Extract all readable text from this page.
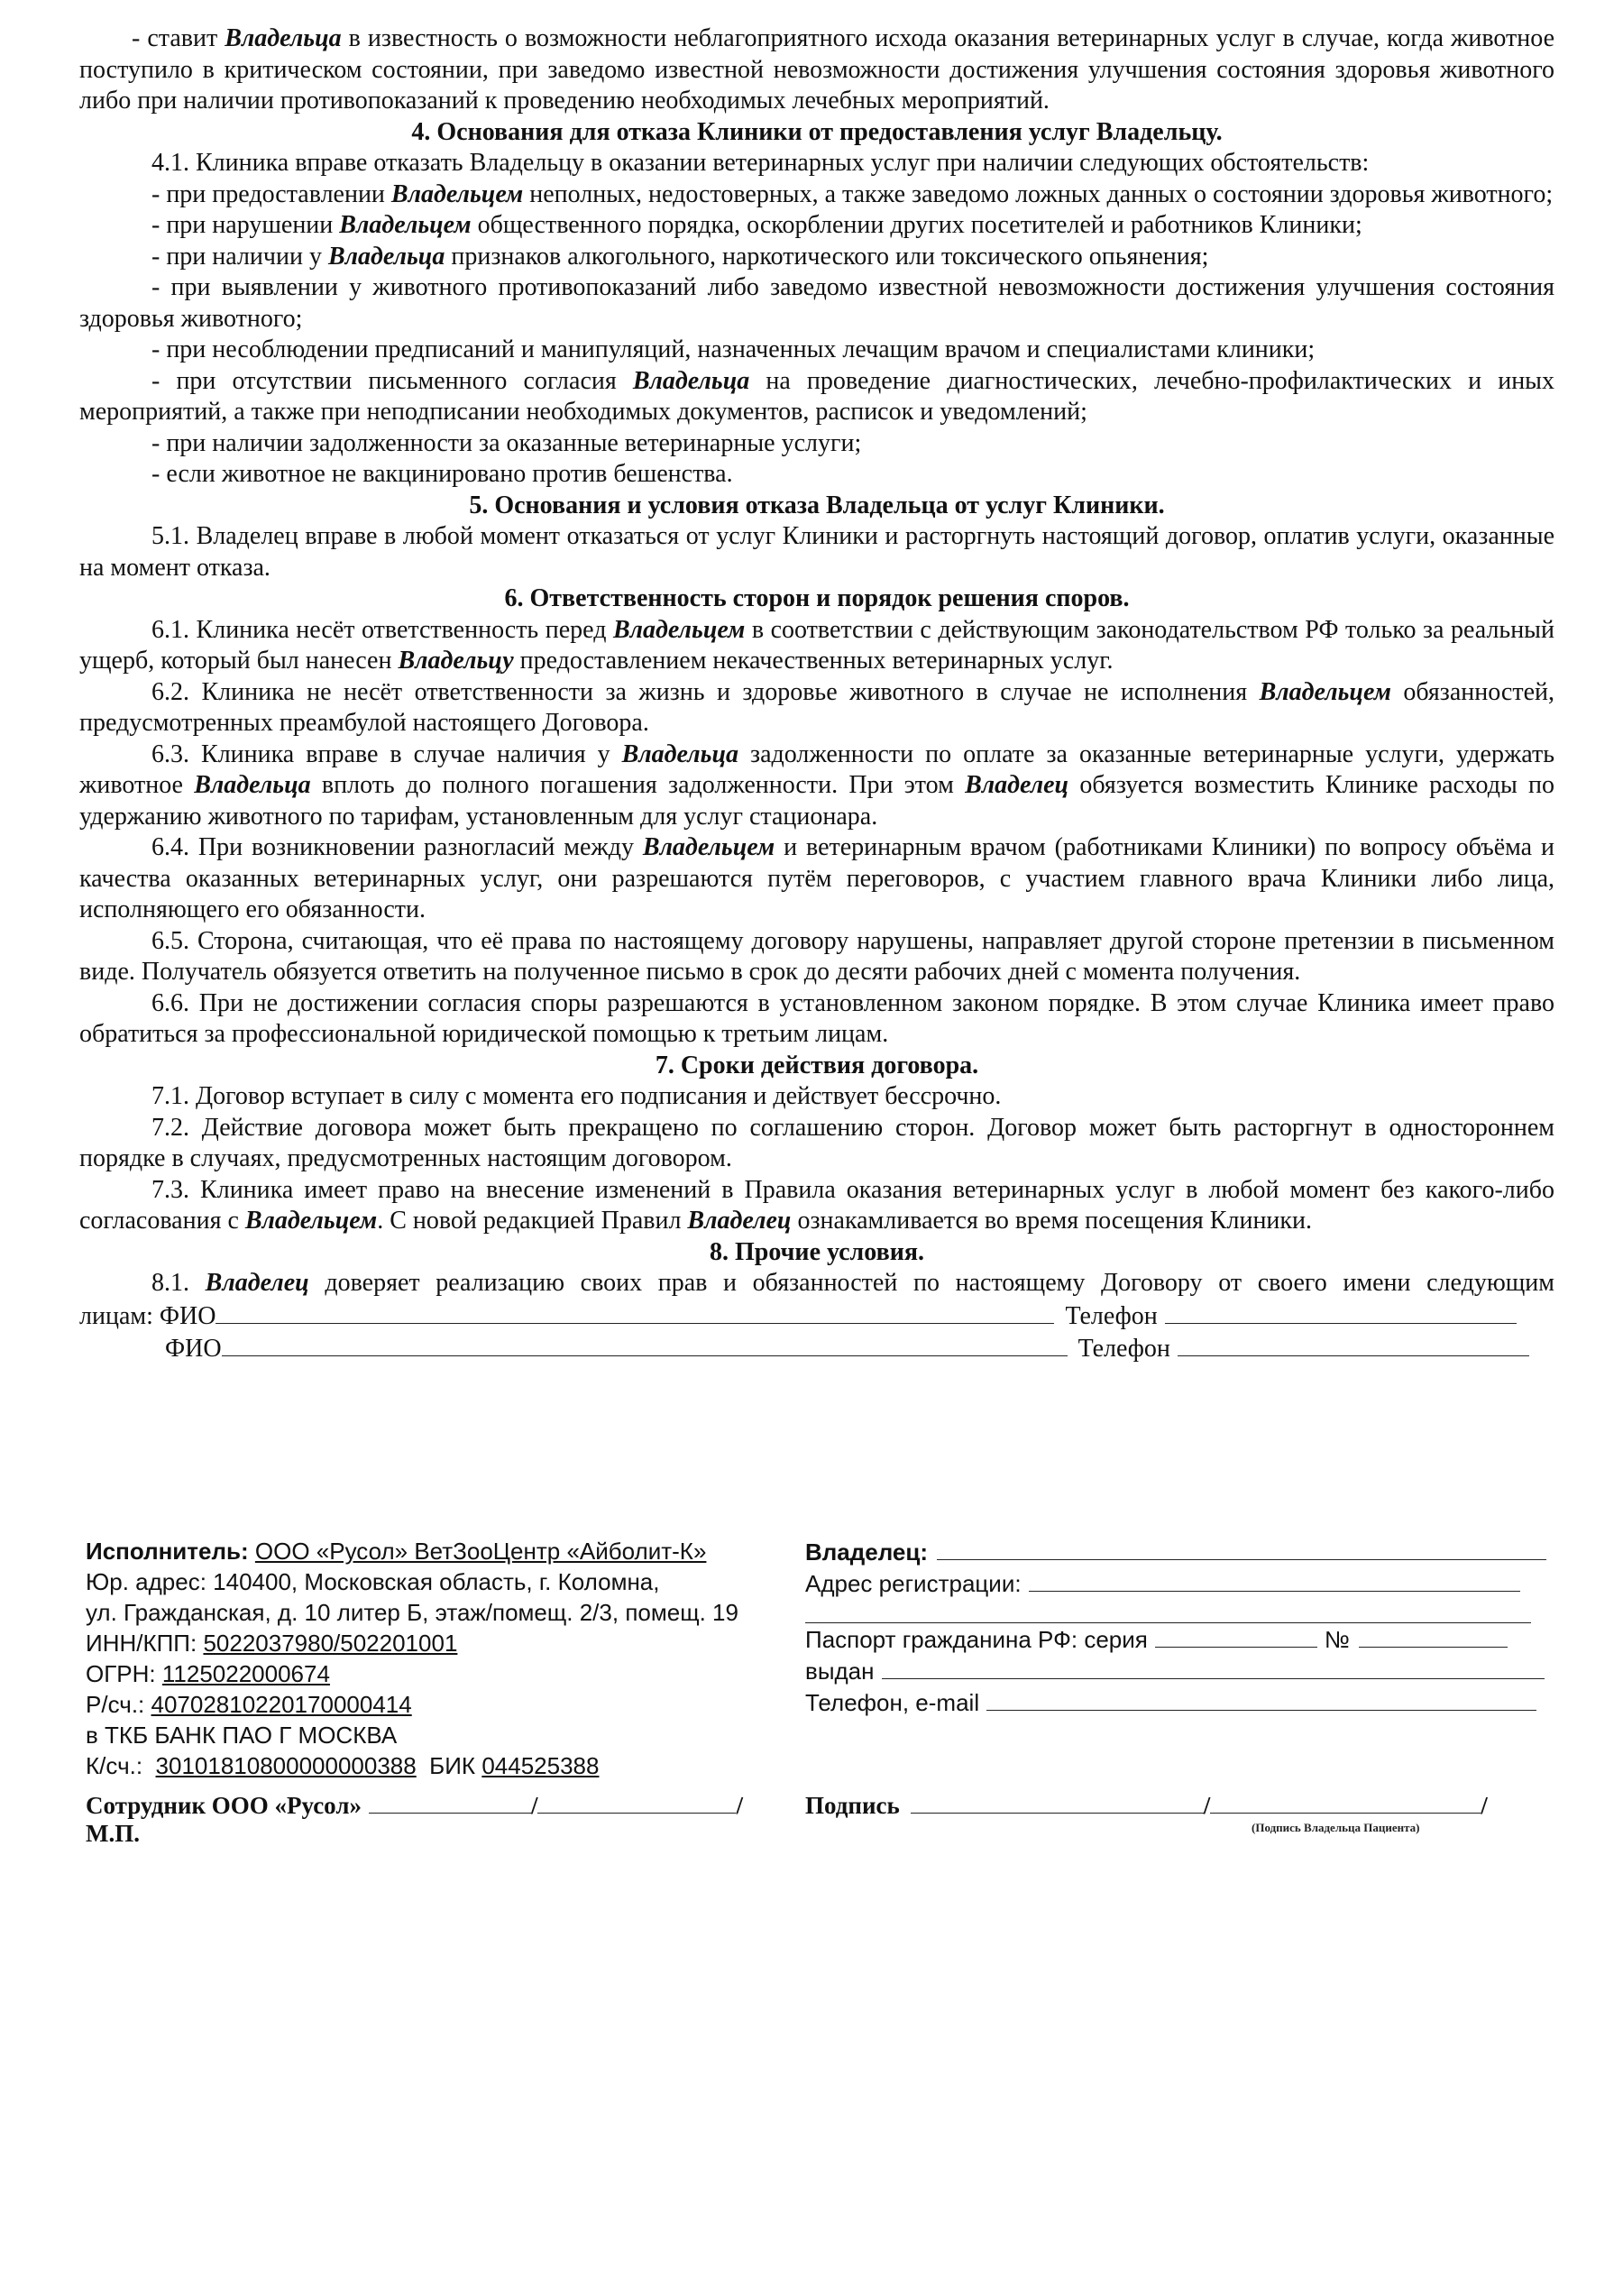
- ставит Владельца в известность о возможности неблагоприятного исхода оказания ветеринарных услуг в случае, когда животное поступило в критическом состоянии, при заведомо известной невозможности достижения улучшения состояния здоровья животного либо при наличии противопоказаний к проведению необходимых лечебных мероприятий.
4. Основания для отказа Клиники от предоставления услуг Владельцу.
4.1. Клиника вправе отказать Владельцу в оказании ветеринарных услуг при наличии следующих обстоятельств:
- при предоставлении Владельцем неполных, недостоверных, а также заведомо ложных данных о состоянии здоровья животного;
- при нарушении Владельцем общественного порядка, оскорблении других посетителей и работников Клиники;
- при наличии у Владельца признаков алкогольного, наркотического или токсического опьянения;
- при выявлении у животного противопоказаний либо заведомо известной невозможности достижения улучшения состояния здоровья животного;
- при несоблюдении предписаний и манипуляций, назначенных лечащим врачом и специалистами клиники;
- при отсутствии письменного согласия Владельца на проведение диагностических, лечебно-профилактических и иных мероприятий, а также при неподписании необходимых документов, расписок и уведомлений;
- при наличии задолженности за оказанные ветеринарные услуги;
- если животное не вакцинировано против бешенства.
5. Основания и условия отказа Владельца от услуг Клиники.
5.1. Владелец вправе в любой момент отказаться от услуг Клиники и расторгнуть настоящий договор, оплатив услуги, оказанные на момент отказа.
6. Ответственность сторон и порядок решения споров.
6.1. Клиника несёт ответственность перед Владельцем в соответствии с действующим законодательством РФ только за реальный ущерб, который был нанесен Владельцу предоставлением некачественных ветеринарных услуг.
6.2. Клиника не несёт ответственности за жизнь и здоровье животного в случае не исполнения Владельцем обязанностей, предусмотренных преамбулой настоящего Договора.
6.3. Клиника вправе в случае наличия у Владельца задолженности по оплате за оказанные ветеринарные услуги, удержать животное Владельца вплоть до полного погашения задолженности. При этом Владелец обязуется возместить Клинике расходы по удержанию животного по тарифам, установленным для услуг стационара.
6.4. При возникновении разногласий между Владельцем и ветеринарным врачом (работниками Клиники) по вопросу объёма и качества оказанных ветеринарных услуг, они разрешаются путём переговоров, с участием главного врача Клиники либо лица, исполняющего его обязанности.
6.5. Сторона, считающая, что её права по настоящему договору нарушены, направляет другой стороне претензии в письменном виде. Получатель обязуется ответить на полученное письмо в срок до десяти рабочих дней с момента получения.
6.6. При не достижении согласия споры разрешаются в установленном законом порядке. В этом случае Клиника имеет право обратиться за профессиональной юридической помощью к третьим лицам.
7. Сроки действия договора.
7.1. Договор вступает в силу с момента его подписания и действует бессрочно.
7.2. Действие договора может быть прекращено по соглашению сторон. Договор может быть расторгнут в одностороннем порядке в случаях, предусмотренных настоящим договором.
7.3. Клиника имеет право на внесение изменений в Правила оказания ветеринарных услуг в любой момент без какого-либо согласования с Владельцем. С новой редакцией Правил Владелец ознакамливается во время посещения Клиники.
8. Прочие условия.
8.1. Владелец доверяет реализацию своих прав и обязанностей по настоящему Договору от своего имени следующим
лицам: ФИО	Телефон
ФИО	Телефон
Исполнитель: ООО «Русол» ВетЗооЦентр «Айболит-К»
Юр. адрес: 140400, Московская область, г. Коломна,
ул. Гражданская, д. 10 литер Б, этаж/помещ. 2/3, помещ. 19
ИНН/КПП: 5022037980/502201001
ОГРН: 1125022000674
Р/сч.: 40702810220170000414
в ТКБ БАНК ПАО Г МОСКВА
К/сч.:  30101810800000000388  БИК 044525388
Владелец:
Адрес регистрации:
Паспорт гражданина РФ: серия	№
выдан
Телефон, e-mail
Сотрудник ООО «Русол»	/	/
М.П.
Подпись	/	/
(Подпись Владельца Пациента)
